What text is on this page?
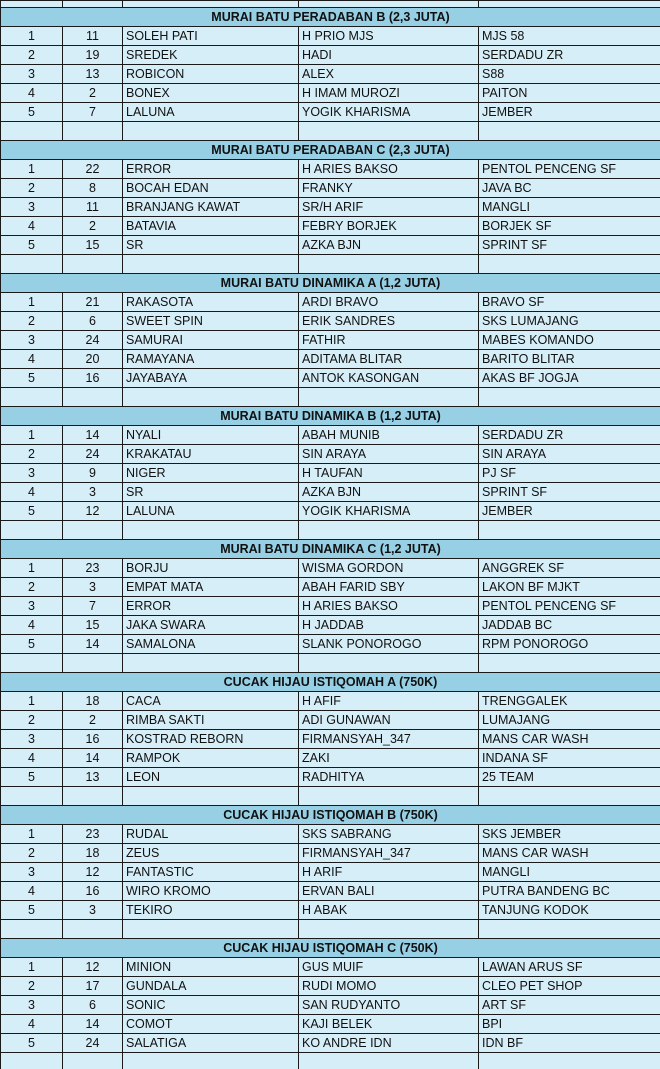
MURAI BATU PERADABAN B (2,3 JUTA)				
1	11	SOLEH PATI	H PRIO MJS	MJS 58
2	19	SREDEK	HADI	SERDADU ZR
3	13	ROBICON	ALEX	S88
4	2	BONEX	H IMAM MUROZI	PAITON
5	7	LALUNA	YOGIK KHARISMA	JEMBER

MURAI BATU PERADABAN C (2,3 JUTA)				
1	22	ERROR	H ARIES BAKSO	PENTOL PENCENG SF
2	8	BOCAH EDAN	FRANKY	JAVA BC
3	11	BRANJANG KAWAT	SR/H ARIF	MANGLI
4	2	BATAVIA	FEBRY BORJEK	BORJEK SF
5	15	SR	AZKA BJN	SPRINT SF

MURAI BATU DINAMIKA A (1,2 JUTA)				
1	21	RAKASOTA	ARDI BRAVO	BRAVO SF
2	6	SWEET SPIN	ERIK SANDRES	SKS LUMAJANG
3	24	SAMURAI	FATHIR	MABES KOMANDO
4	20	RAMAYANA	ADITAMA BLITAR	BARITO BLITAR
5	16	JAYABAYA	ANTOK KASONGAN	AKAS BF JOGJA

MURAI BATU DINAMIKA B (1,2 JUTA)				
1	14	NYALI	ABAH MUNIB	SERDADU ZR
2	24	KRAKATAU	SIN ARAYA	SIN ARAYA
3	9	NIGER	H TAUFAN	PJ SF
4	3	SR	AZKA BJN	SPRINT SF
5	12	LALUNA	YOGIK KHARISMA	JEMBER

MURAI BATU DINAMIKA C (1,2 JUTA)				
1	23	BORJU	WISMA GORDON	ANGGREK SF
2	3	EMPAT MATA	ABAH FARID SBY	LAKON BF MJKT
3	7	ERROR	H ARIES BAKSO	PENTOL PENCENG SF
4	15	JAKA SWARA	H JADDAB	JADDAB BC
5	14	SAMALONA	SLANK PONOROGO	RPM PONOROGO

CUCAK HIJAU ISTIQOMAH A (750K)				
1	18	CACA	H AFIF	TRENGGALEK
2	2	RIMBA SAKTI	ADI GUNAWAN	LUMAJANG
3	16	KOSTRAD REBORN	FIRMANSYAH_347	MANS CAR WASH
4	14	RAMPOK	ZAKI	INDANA SF
5	13	LEON	RADHITYA	25 TEAM

CUCAK HIJAU ISTIQOMAH B (750K)				
1	23	RUDAL	SKS SABRANG	SKS JEMBER
2	18	ZEUS	FIRMANSYAH_347	MANS CAR WASH
3	12	FANTASTIC	H ARIF	MANGLI
4	16	WIRO KROMO	ERVAN BALI	PUTRA BANDENG BC
5	3	TEKIRO	H ABAK	TANJUNG KODOK

CUCAK HIJAU ISTIQOMAH C (750K)				
1	12	MINION	GUS MUIF	LAWAN ARUS SF
2	17	GUNDALA	RUDI MOMO	CLEO PET SHOP
3	6	SONIC	SAN RUDYANTO	ART SF
4	14	COMOT	KAJI BELEK	BPI
5	24	SALATIGA	KO ANDRE IDN	IDN BF
